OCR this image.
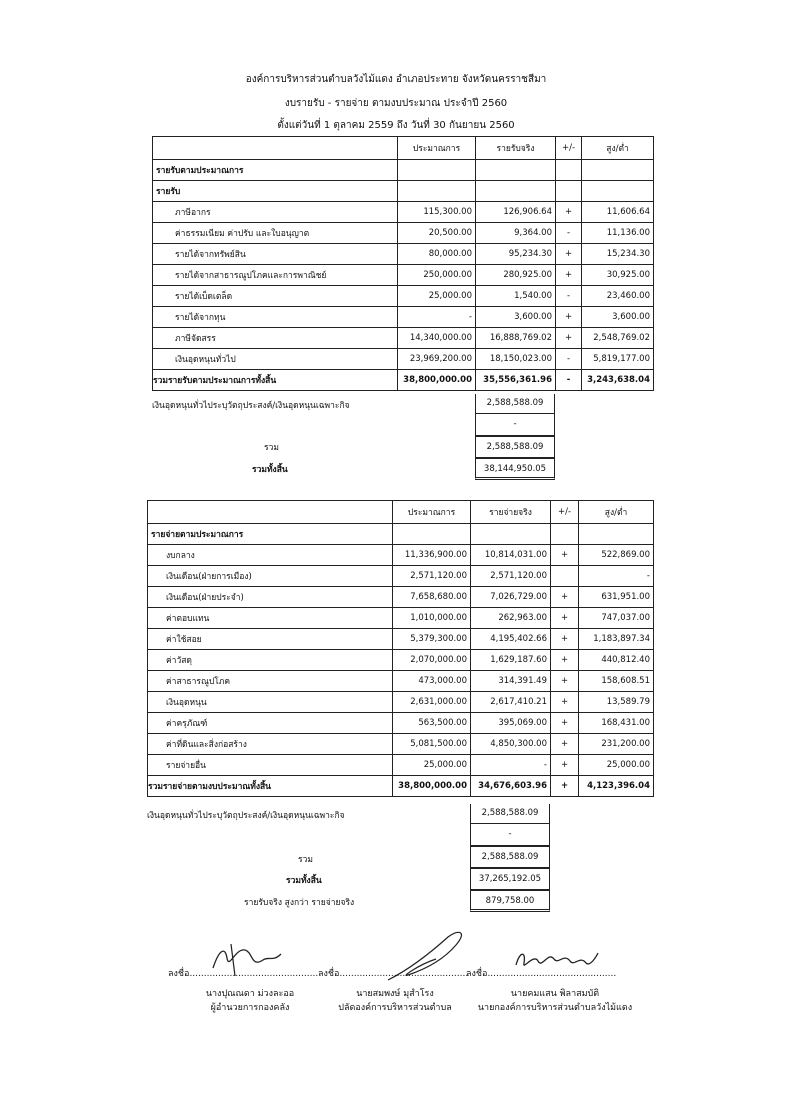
องค์การบริหารส่วนตำบลวังไม้แดง อำเภอประทาย จังหวัดนครราชสีมา
งบรายรับ - รายจ่าย ตามงบประมาณ ประจำปี 2560
ตั้งแต่วันที่ 1 ตุลาคม 2559 ถึง วันที่ 30 กันยายน 2560
	ประมาณการ	รายรับจริง	+/-	สูง/ต่ำ
รายรับตามประมาณการ				
รายรับ				
ภาษีอากร	115,300.00	126,906.64	+	11,606.64
ค่าธรรมเนียม ค่าปรับ และใบอนุญาต	20,500.00	9,364.00	-	11,136.00
รายได้จากทรัพย์สิน	80,000.00	95,234.30	+	15,234.30
รายได้จากสาธารณูปโภคและการพาณิชย์	250,000.00	280,925.00	+	30,925.00
รายได้เบ็ดเตล็ด	25,000.00	1,540.00	-	23,460.00
รายได้จากทุน	-	3,600.00	+	3,600.00
ภาษีจัดสรร	14,340,000.00	16,888,769.02	+	2,548,769.02
เงินอุดหนุนทั่วไป	23,969,200.00	18,150,023.00	-	5,819,177.00
รวมรายรับตามประมาณการทั้งสิ้น	38,800,000.00	35,556,361.96	-	3,243,638.04
เงินอุดหนุนทั่วไประบุวัตถุประสงค์/เงินอุดหนุนเฉพาะกิจ	2,588,588.09
-
รวม	2,588,588.09
รวมทั้งสิ้น	38,144,950.05
	ประมาณการ	รายจ่ายจริง	+/-	สูง/ต่ำ
รายจ่ายตามประมาณการ				
งบกลาง	11,336,900.00	10,814,031.00	+	522,869.00
เงินเดือน(ฝ่ายการเมือง)	2,571,120.00	2,571,120.00		-
เงินเดือน(ฝ่ายประจำ)	7,658,680.00	7,026,729.00	+	631,951.00
ค่าตอบแทน	1,010,000.00	262,963.00	+	747,037.00
ค่าใช้สอย	5,379,300.00	4,195,402.66	+	1,183,897.34
ค่าวัสดุ	2,070,000.00	1,629,187.60	+	440,812.40
ค่าสาธารณูปโภค	473,000.00	314,391.49	+	158,608.51
เงินอุดหนุน	2,631,000.00	2,617,410.21	+	13,589.79
ค่าครุภัณฑ์	563,500.00	395,069.00	+	168,431.00
ค่าที่ดินและสิ่งก่อสร้าง	5,081,500.00	4,850,300.00	+	231,200.00
รายจ่ายอื่น	25,000.00	-	+	25,000.00
รวมรายจ่ายตามงบประมาณทั้งสิ้น	38,800,000.00	34,676,603.96	+	4,123,396.04
เงินอุดหนุนทั่วไประบุวัตถุประสงค์/เงินอุดหนุนเฉพาะกิจ	2,588,588.09
-
รวม	2,588,588.09
รวมทั้งสิ้น	37,265,192.05
รายรับจริง สูงกว่า รายจ่ายจริง	879,758.00
ลงชื่อ............................................. ลงชื่อ.............................................
ลงชื่อ.............................................
นางปุณณดา ม่วงละออ
ผู้อำนวยการกองคลัง
นายสมพงษ์ มุสำโรง
ปลัดองค์การบริหารส่วนตำบล
นายคมแสน พิลาสมบัติ
นายกองค์การบริหารส่วนตำบลวังไม้แดง
